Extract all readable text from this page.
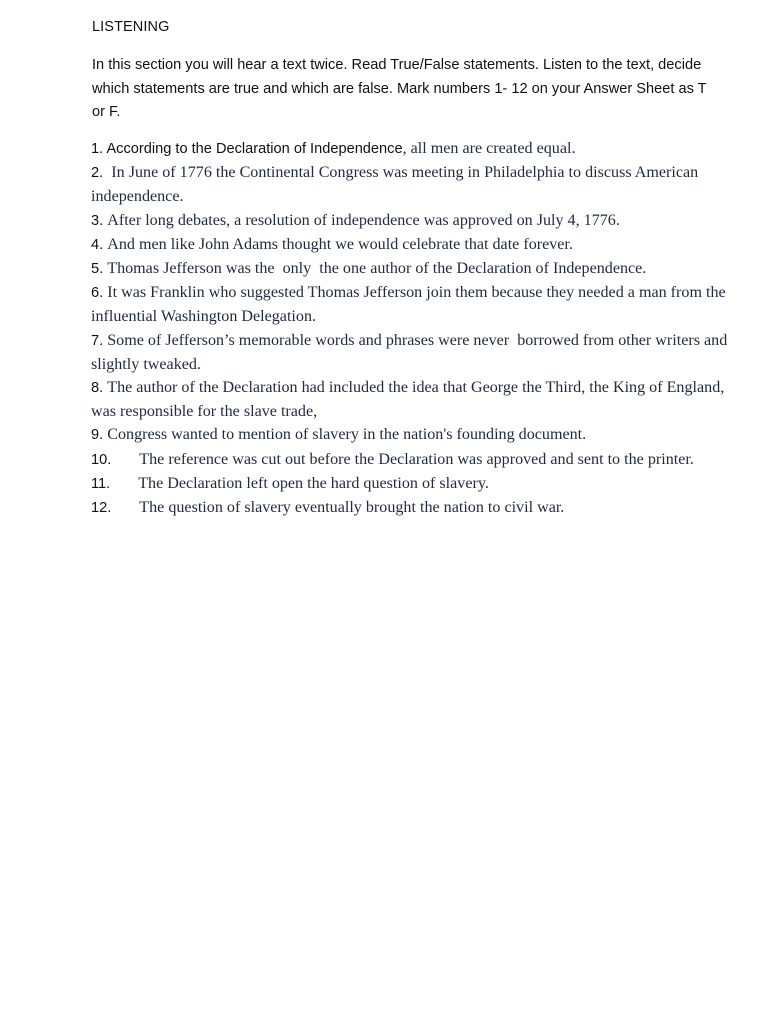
LISTENING

In this section you will hear a text twice. Read True/False statements. Listen to the text, decide which statements are true and which are false. Mark numbers 1- 12 on your Answer Sheet as T or F.

1. According to the Declaration of Independence, all men are created equal.
2.  In June of 1776 the Continental Congress was meeting in Philadelphia to discuss American independence.
3. After long debates, a resolution of independence was approved on July 4, 1776.
4. And men like John Adams thought we would celebrate that date forever.
5. Thomas Jefferson was the  only  the one author of the Declaration of Independence.
6. It was Franklin who suggested Thomas Jefferson join them because they needed a man from the influential Washington Delegation.
7. Some of Jefferson’s memorable words and phrases were never  borrowed from other writers and slightly tweaked.
8. The author of the Declaration had included the idea that George the Third, the King of England,  was responsible for the slave trade,
9. Congress wanted to mention of slavery in the nation's founding document.
10. The reference was cut out before the Declaration was approved and sent to the printer.
11. The Declaration left open the hard question of slavery.
12. The question of slavery eventually brought the nation to civil war.
